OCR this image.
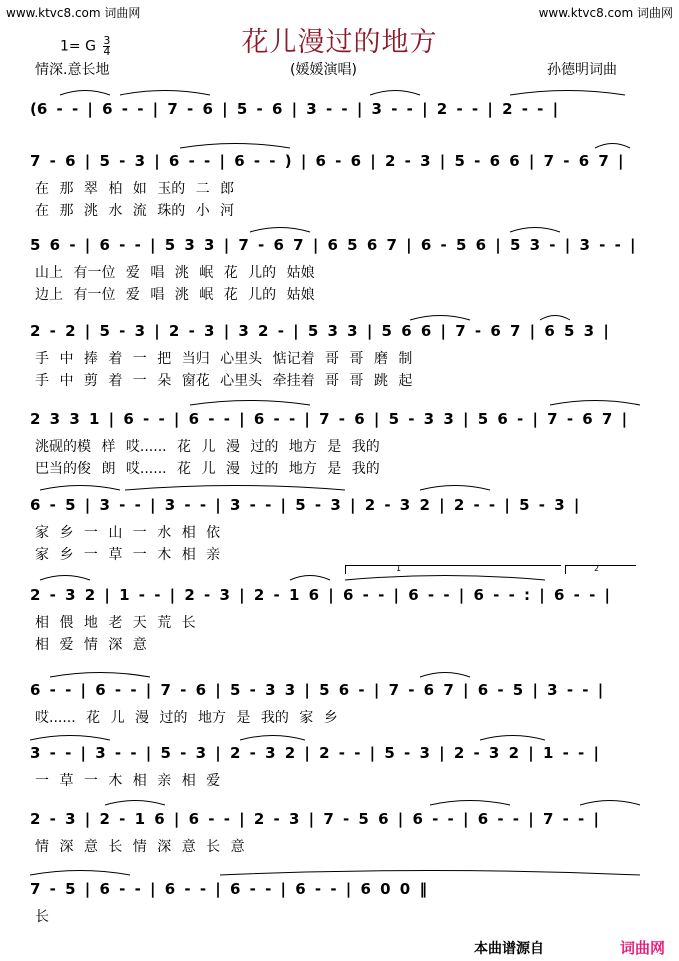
www.ktvc8.com 词曲网	www.ktvc8.com 词曲网
花儿漫过的地方
1= G $\frac{3}{4}$
情深.意长地	(媛媛演唱)	孙德明词曲
(6 - - | 6 - - | 7 - 6 | 5 - 6 | 3 - - | 3 - - | 2 - - | 2 - - |
7 - 6 | 5 - 3 | 6 - - | 6 - - ) | 6 - 6 | 2 - 3 | 5 - 6 6 | 7 - 6 7 |
在 那 翠 柏 如 玉的 二 郎
在 那 洮 水 流 珠的 小 河
5 6 - | 6 - - | 5 3 3 | 7 - 6 7 | 6 5 6 7 | 6 - 5 6 | 5 3 - | 3 - - |
山上 有一位 爱 唱 洮 岷 花 儿的 姑娘
边上 有一位 爱 唱 洮 岷 花 儿的 姑娘
2 - 2 | 5 - 3 | 2 - 3 | 3 2 - | 5 3 3 | 5 6 6 | 7 - 6 7 | 6 5 3 |
手 中 捧 着 一 把 当归 心里头 惦记着 哥 哥 磨 制
手 中 剪 着 一 朵 窗花 心里头 牵挂着 哥 哥 跳 起
2 3 3 1 | 6 - - | 6 - - | 6 - - | 7 - 6 | 5 - 3 3 | 5 6 - | 7 - 6 7 |
洮砚的模 样 哎...... 花 儿 漫 过的 地方 是 我的
巴当的俊 朗 哎...... 花 儿 漫 过的 地方 是 我的
6 - 5 | 3 - - | 3 - - | 3 - - | 5 - 3 | 2 - 3 2 | 2 - - | 5 - 3 |
家 乡 一 山 一 水 相 依
家 乡 一 草 一 木 相 亲
2 - 3 2 | 1 - - | 2 - 3 | 2 - 1 6 | 6 - - | 6 - - | 6 - - : | 6 - - |
相 偎 地 老 天 荒 长
相 爱 情 深 意
6 - - | 6 - - | 7 - 6 | 5 - 3 3 | 5 6 - | 7 - 6 7 | 6 - 5 | 3 - - |
哎...... 花 儿 漫 过的 地方 是 我的 家 乡
3 - - | 3 - - | 5 - 3 | 2 - 3 2 | 2 - - | 5 - 3 | 2 - 3 2 | 1 - - |
一 草 一 木 相 亲 相 爱
2 - 3 | 2 - 1 6 | 6 - - | 2 - 3 | 7 - 5 6 | 6 - - | 6 - - | 7 - - |
情 深 意 长 情 深 意 长 意
7 - 5 | 6 - - | 6 - - | 6 - - | 6 - - | 6 0 0 ‖
长
1	2
本曲谱源自	词曲网
